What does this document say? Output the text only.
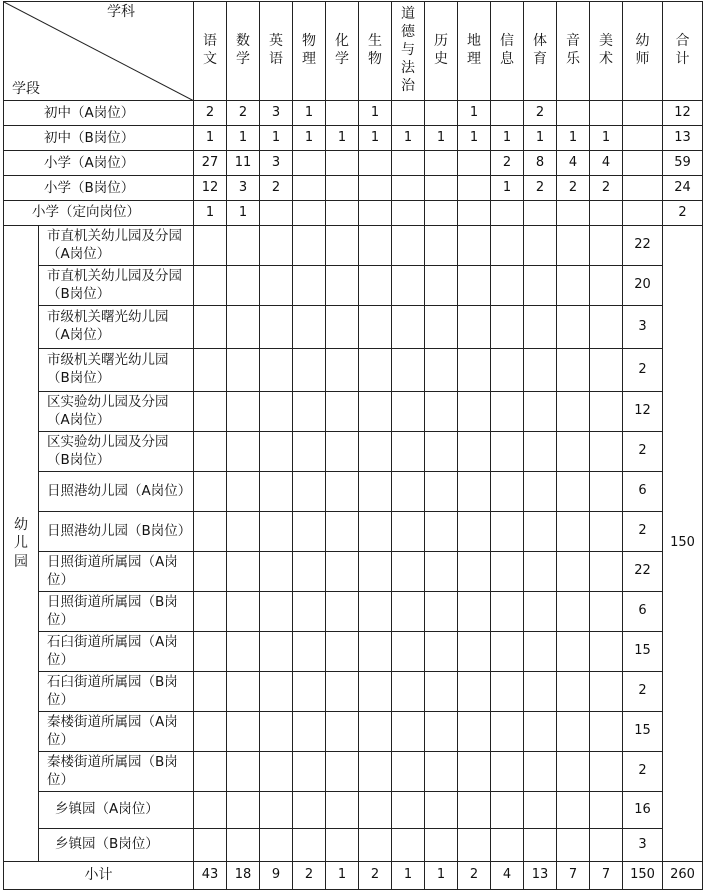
学科
学段		语文	数学	英语	物理	化学	生物	道德与法治	历史	地理	信息	体育	音乐	美术	幼师	合计
初中（A岗位）		2	2	3	1		1			1		2				12
初中（B岗位）		1	1	1	1	1	1	1	1	1	1	1	1	1		13
小学（A岗位）		27	11	3							2	8	4	4		59
小学（B岗位）		12	3	2							1	2	2	2		24
小学（定向岗位）		1	1													2
幼儿园	市直机关幼儿园及分园（A岗位）														22	150
	市直机关幼儿园及分园（B岗位）														20	
	市级机关曙光幼儿园（A岗位）														3	
	市级机关曙光幼儿园（B岗位）														2	
	区实验幼儿园及分园（A岗位）														12	
	区实验幼儿园及分园（B岗位）														2	
	日照港幼儿园（A岗位）														6	
	日照港幼儿园（B岗位）														2	
	日照街道所属园（A岗位）														22	
	日照街道所属园（B岗位）														6	
	石臼街道所属园（A岗位）														15	
	石臼街道所属园（B岗位）														2	
	秦楼街道所属园（A岗位）														15	
	秦楼街道所属园（B岗位）														2	
	乡镇园（A岗位）														16	
	乡镇园（B岗位）														3	
小计		43	18	9	2	1	2	1	1	2	4	13	7	7	150	260
